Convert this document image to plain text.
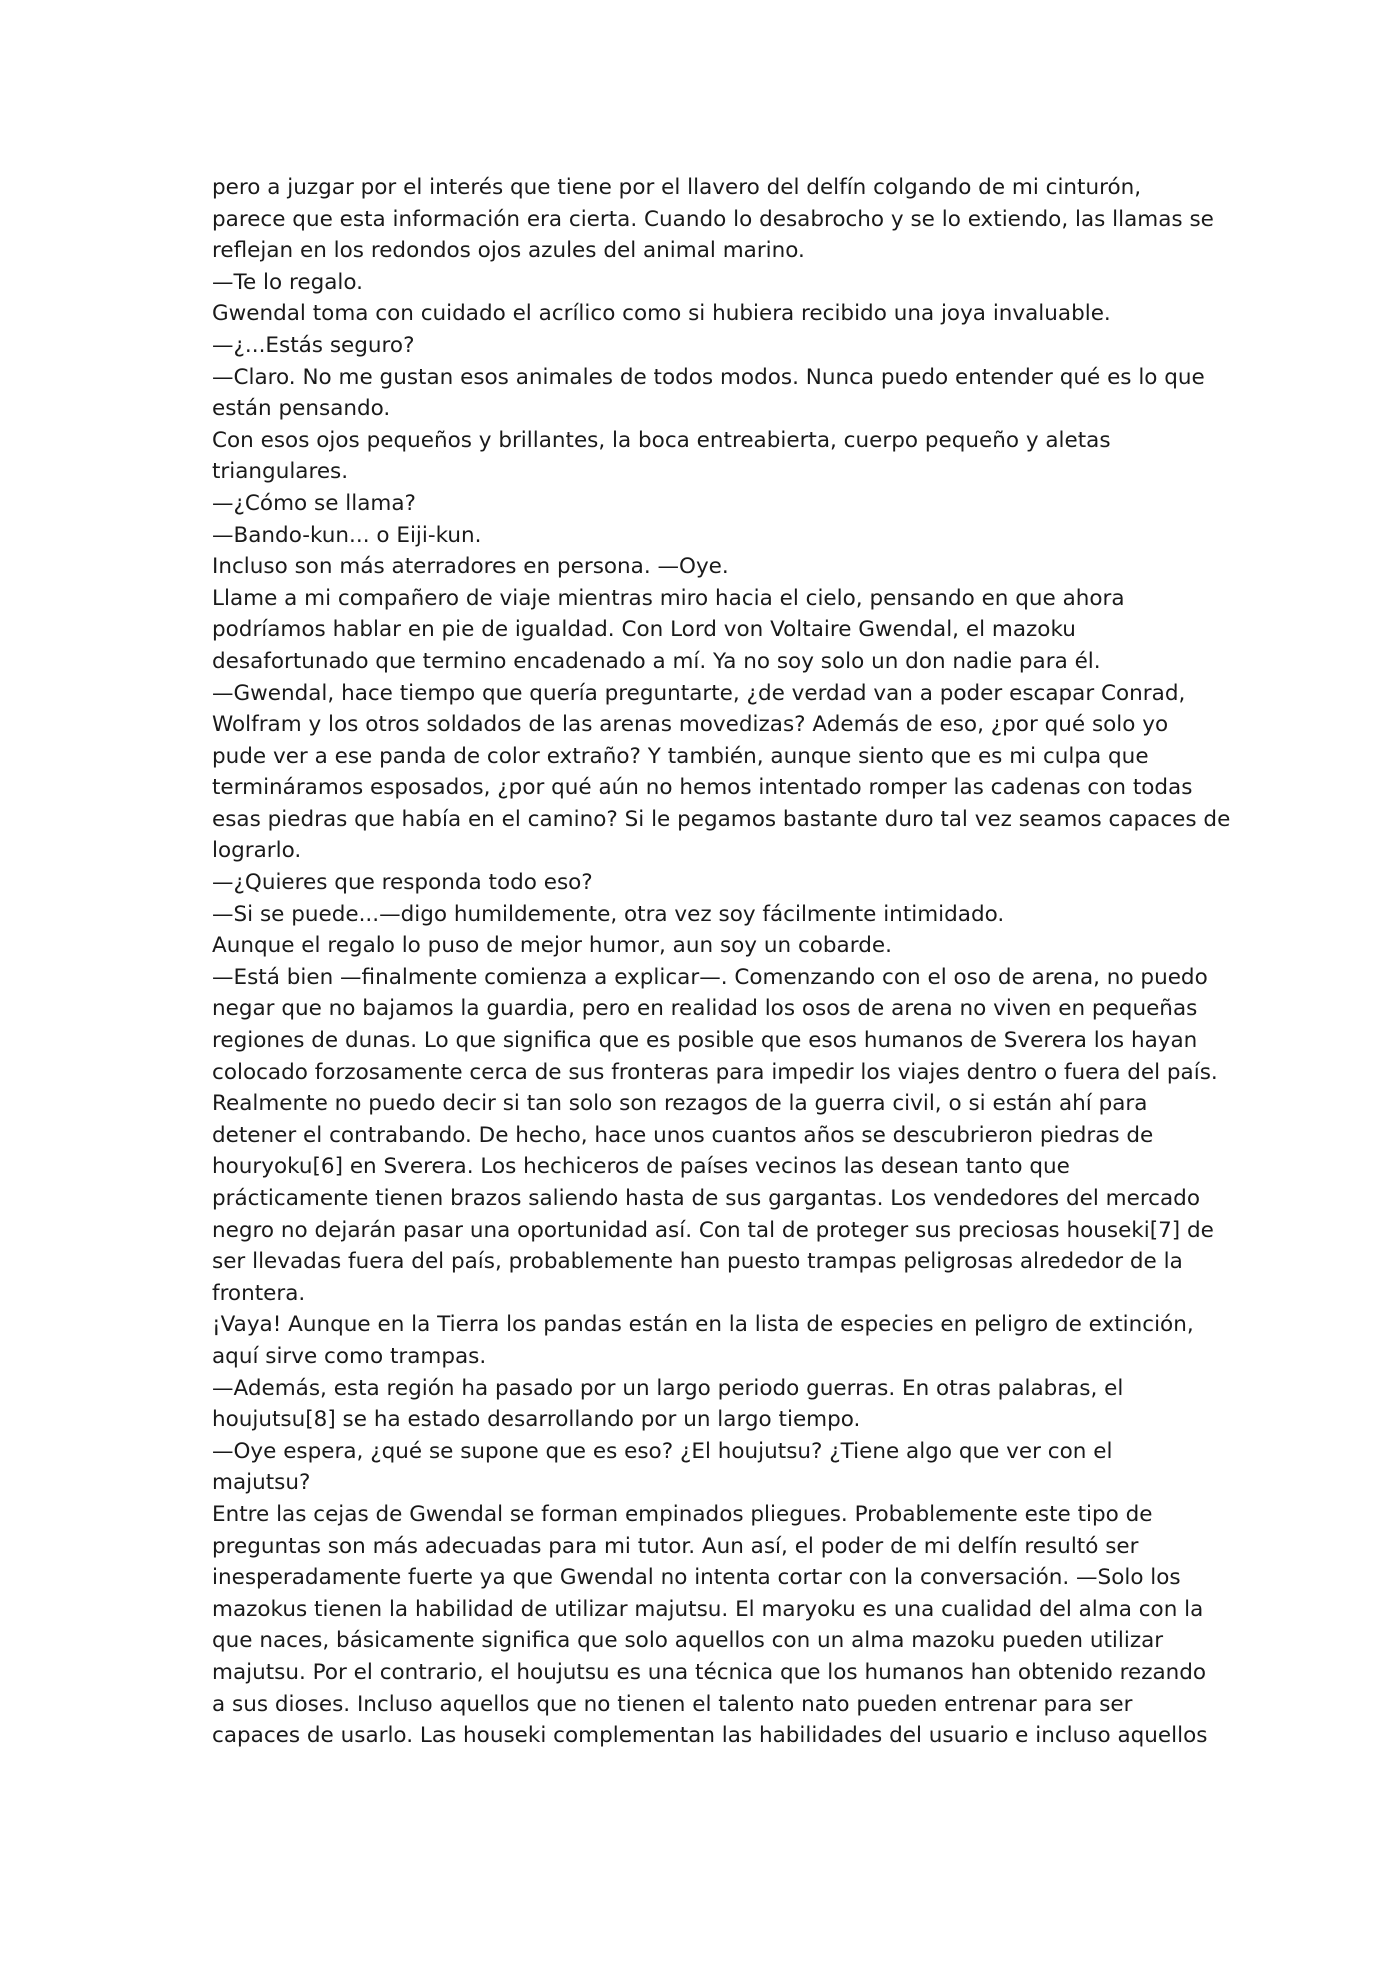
pero a juzgar por el interés que tiene por el llavero del delfín colgando de mi cinturón,
parece que esta información era cierta. Cuando lo desabrocho y se lo extiendo, las llamas se
reflejan en los redondos ojos azules del animal marino.
—Te lo regalo.
Gwendal toma con cuidado el acrílico como si hubiera recibido una joya invaluable.
—¿...Estás seguro?
—Claro. No me gustan esos animales de todos modos. Nunca puedo entender qué es lo que
están pensando.
Con esos ojos pequeños y brillantes, la boca entreabierta, cuerpo pequeño y aletas
triangulares.
—¿Cómo se llama?
—Bando-kun... o Eiji-kun.
Incluso son más aterradores en persona. —Oye.
Llame a mi compañero de viaje mientras miro hacia el cielo, pensando en que ahora
podríamos hablar en pie de igualdad. Con Lord von Voltaire Gwendal, el mazoku
desafortunado que termino encadenado a mí. Ya no soy solo un don nadie para él.
—Gwendal, hace tiempo que quería preguntarte, ¿de verdad van a poder escapar Conrad,
Wolfram y los otros soldados de las arenas movedizas? Además de eso, ¿por qué solo yo
pude ver a ese panda de color extraño? Y también, aunque siento que es mi culpa que
termináramos esposados, ¿por qué aún no hemos intentado romper las cadenas con todas
esas piedras que había en el camino? Si le pegamos bastante duro tal vez seamos capaces de
lograrlo.
—¿Quieres que responda todo eso?
—Si se puede...—digo humildemente, otra vez soy fácilmente intimidado.
Aunque el regalo lo puso de mejor humor, aun soy un cobarde.
—Está bien —finalmente comienza a explicar—. Comenzando con el oso de arena, no puedo
negar que no bajamos la guardia, pero en realidad los osos de arena no viven en pequeñas
regiones de dunas. Lo que significa que es posible que esos humanos de Sverera los hayan
colocado forzosamente cerca de sus fronteras para impedir los viajes dentro o fuera del país.
Realmente no puedo decir si tan solo son rezagos de la guerra civil, o si están ahí para
detener el contrabando. De hecho, hace unos cuantos años se descubrieron piedras de
houryoku[6] en Sverera. Los hechiceros de países vecinos las desean tanto que
prácticamente tienen brazos saliendo hasta de sus gargantas. Los vendedores del mercado
negro no dejarán pasar una oportunidad así. Con tal de proteger sus preciosas houseki[7] de
ser llevadas fuera del país, probablemente han puesto trampas peligrosas alrededor de la
frontera.
¡Vaya! Aunque en la Tierra los pandas están en la lista de especies en peligro de extinción,
aquí sirve como trampas.
—Además, esta región ha pasado por un largo periodo guerras. En otras palabras, el
houjutsu[8] se ha estado desarrollando por un largo tiempo.
—Oye espera, ¿qué se supone que es eso? ¿El houjutsu? ¿Tiene algo que ver con el
majutsu?
Entre las cejas de Gwendal se forman empinados pliegues. Probablemente este tipo de
preguntas son más adecuadas para mi tutor. Aun así, el poder de mi delfín resultó ser
inesperadamente fuerte ya que Gwendal no intenta cortar con la conversación. —Solo los
mazokus tienen la habilidad de utilizar majutsu. El maryoku es una cualidad del alma con la
que naces, básicamente significa que solo aquellos con un alma mazoku pueden utilizar
majutsu. Por el contrario, el houjutsu es una técnica que los humanos han obtenido rezando
a sus dioses. Incluso aquellos que no tienen el talento nato pueden entrenar para ser
capaces de usarlo. Las houseki complementan las habilidades del usuario e incluso aquellos
